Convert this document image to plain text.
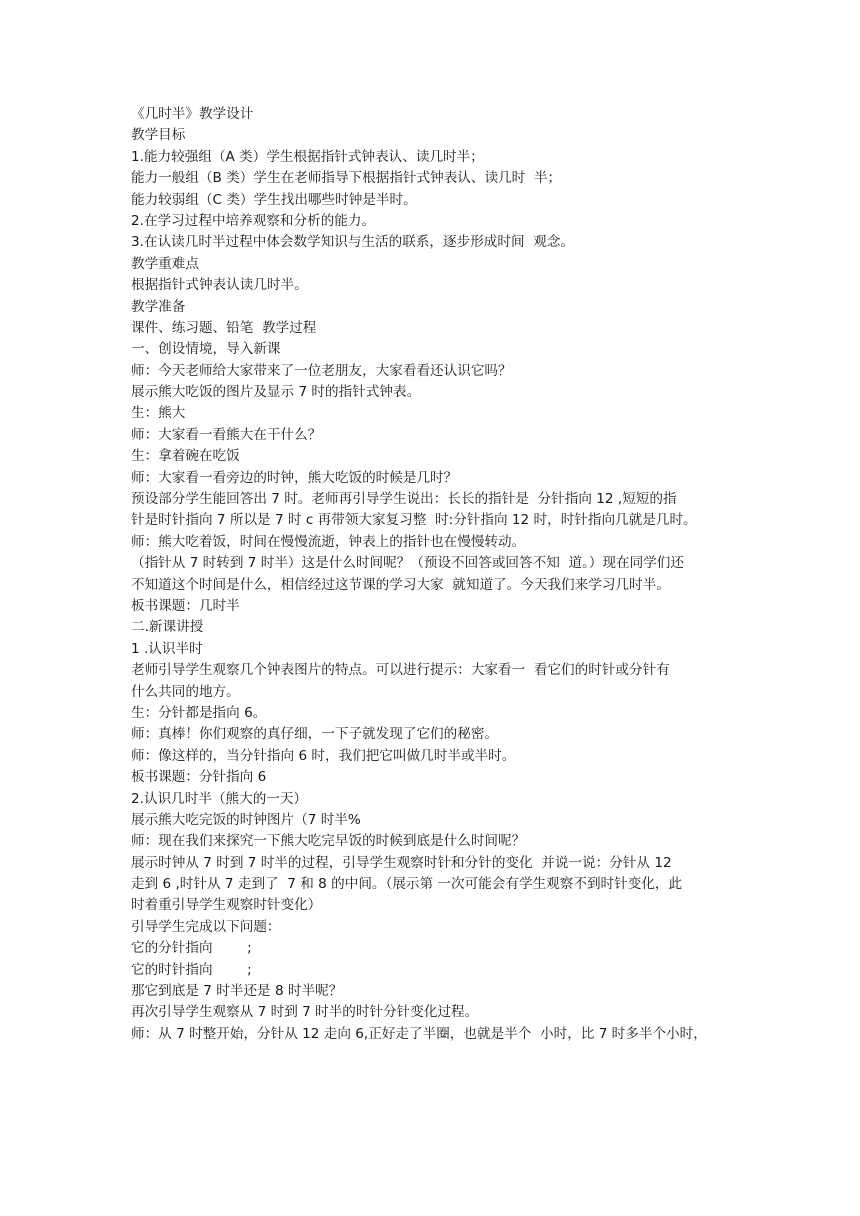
《几时半》教学设计
教学目标
1.能力较强组（A 类）学生根据指针式钟表认、读几时半；
能力一般组（B 类）学生在老师指导下根据指针式钟表认、读几时  半；
能力较弱组（C 类）学生找出哪些时钟是半时。
2.在学习过程中培养观察和分析的能力。
3.在认读几时半过程中体会数学知识与生活的联系，逐步形成时间  观念。
教学重难点
根据指针式钟表认读几时半。
教学准备
课件、练习题、铅笔  教学过程
一、创设情境，导入新课
师：今天老师给大家带来了一位老朋友，大家看看还认识它吗？
展示熊大吃饭的图片及显示 7 时的指针式钟表。
生：熊大
师：大家看一看熊大在干什么？
生：拿着碗在吃饭
师：大家看一看旁边的时钟，熊大吃饭的时候是几时？
预设部分学生能回答出 7 时。老师再引导学生说出：长长的指针是  分针指向 12 ,短短的指
针是时针指向 7 所以是 7 时 c 再带领大家复习整  时:分针指向 12 时，时针指向几就是几时。
师：熊大吃着饭，时间在慢慢流逝，钟表上的指针也在慢慢转动。
（指针从 7 时转到 7 时半）这是什么时间呢？（预设不回答或回答不知  道。）现在同学们还
不知道这个时间是什么，相信经过这节课的学习大家  就知道了。今天我们来学习几时半。
板书课题：几时半
二.新课讲授
1 .认识半时
老师引导学生观察几个钟表图片的特点。可以进行提示：大家看一  看它们的时针或分针有
什么共同的地方。
生：分针都是指向 6。
师：真棒！你们观察的真仔细，一下子就发现了它们的秘密。
师：像这样的，当分针指向 6 时，我们把它叫做几时半或半时。
板书课题：分针指向 6
2.认识几时半（熊大的一天）
展示熊大吃完饭的时钟图片（7 时半%
师：现在我们来探究一下熊大吃完早饭的时候到底是什么时间呢？
展示时钟从 7 时到 7 时半的过程，引导学生观察时针和分针的变化  并说一说：分针从 12
走到 6 ,时针从 7 走到了  7 和 8 的中间。（展示第 一次可能会有学生观察不到时针变化，此
时着重引导学生观察时针变化）
引导学生完成以下问题：
它的分针指向        ;
它的时针指向        ;
那它到底是 7 时半还是 8 时半呢？
再次引导学生观察从 7 时到 7 时半的时针分针变化过程。
师：从 7 时整开始，分针从 12 走向 6,正好走了半圈，也就是半个  小时，比 7 时多半个小时，
